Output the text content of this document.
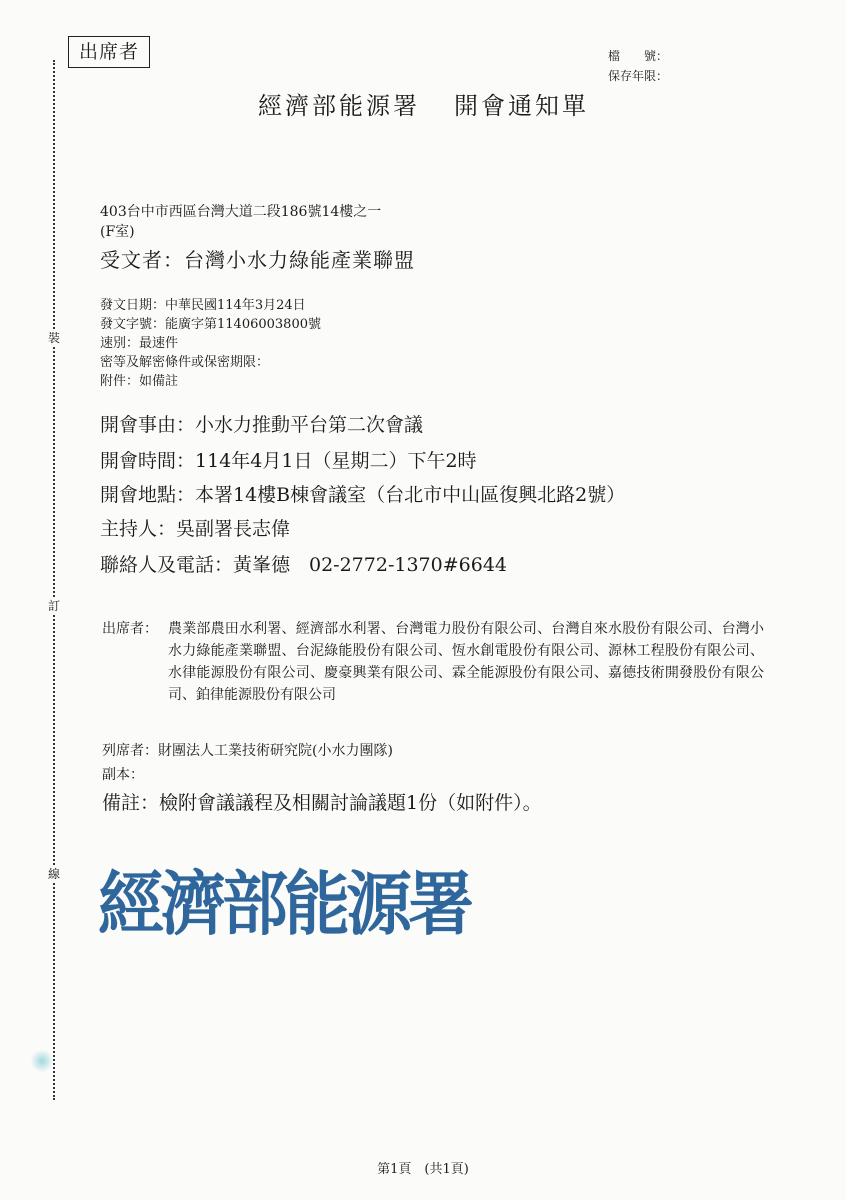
裝
訂
線
出席者	檔　　號：
保存年限：
經濟部能源署 開會通知單
403台中市西區台灣大道二段186號14樓之一
(F室)
受文者：台灣小水力綠能產業聯盟
發文日期：中華民國114年3月24日
發文字號：能廣字第11406003800號
速別：最速件
密等及解密條件或保密期限：
附件：如備註
開會事由：小水力推動平台第二次會議
開會時間：114年4月1日（星期二）下午2時
開會地點：本署14樓B棟會議室（台北市中山區復興北路2號）
主持人：吳副署長志偉
聯絡人及電話：黃峯德　02-2772-1370#6644
出席者： 農業部農田水利署、經濟部水利署、台灣電力股份有限公司、台灣自來水股份有限公司、台灣小水力綠能產業聯盟、台泥綠能股份有限公司、恆水創電股份有限公司、源林工程股份有限公司、水律能源股份有限公司、慶豪興業有限公司、霖全能源股份有限公司、嘉德技術開發股份有限公司、鉑律能源股份有限公司
列席者：財團法人工業技術研究院(小水力團隊)
副本：
備註：檢附會議議程及相關討論議題1份（如附件）。
經濟部能源署
第1頁　(共1頁)
